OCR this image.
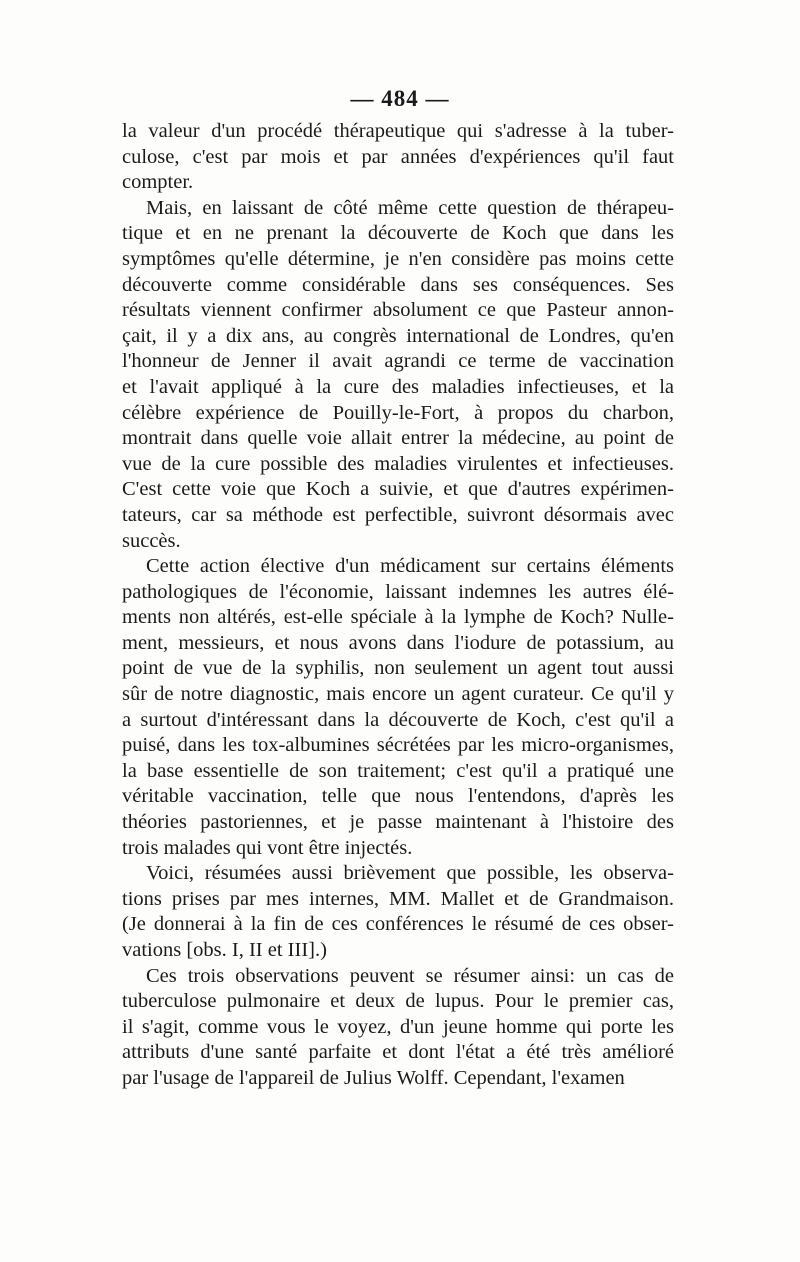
— 484 —
la valeur d'un procédé thérapeutique qui s'adresse à la tuber-
culose, c'est par mois et par années d'expériences qu'il faut
compter.
Mais, en laissant de côté même cette question de thérapeu-
tique et en ne prenant la découverte de Koch que dans les
symptômes qu'elle détermine, je n'en considère pas moins cette
découverte comme considérable dans ses conséquences. Ses
résultats viennent confirmer absolument ce que Pasteur annon-
çait, il y a dix ans, au congrès international de Londres, qu'en
l'honneur de Jenner il avait agrandi ce terme de vaccination
et l'avait appliqué à la cure des maladies infectieuses, et la
célèbre expérience de Pouilly-le-Fort, à propos du charbon,
montrait dans quelle voie allait entrer la médecine, au point de
vue de la cure possible des maladies virulentes et infectieuses.
C'est cette voie que Koch a suivie, et que d'autres expérimen-
tateurs, car sa méthode est perfectible, suivront désormais avec
succès.
Cette action élective d'un médicament sur certains éléments
pathologiques de l'économie, laissant indemnes les autres élé-
ments non altérés, est-elle spéciale à la lymphe de Koch? Nulle-
ment, messieurs, et nous avons dans l'iodure de potassium, au
point de vue de la syphilis, non seulement un agent tout aussi
sûr de notre diagnostic, mais encore un agent curateur. Ce qu'il y
a surtout d'intéressant dans la découverte de Koch, c'est qu'il a
puisé, dans les tox-albumines sécrétées par les micro-organismes,
la base essentielle de son traitement; c'est qu'il a pratiqué une
véritable vaccination, telle que nous l'entendons, d'après les
théories pastoriennes, et je passe maintenant à l'histoire des
trois malades qui vont être injectés.
Voici, résumées aussi brièvement que possible, les observa-
tions prises par mes internes, MM. Mallet et de Grandmaison.
(Je donnerai à la fin de ces conférences le résumé de ces obser-
vations [obs. I, II et III].)
Ces trois observations peuvent se résumer ainsi: un cas de
tuberculose pulmonaire et deux de lupus. Pour le premier cas,
il s'agit, comme vous le voyez, d'un jeune homme qui porte les
attributs d'une santé parfaite et dont l'état a été très amélioré
par l'usage de l'appareil de Julius Wolff. Cependant, l'examen
